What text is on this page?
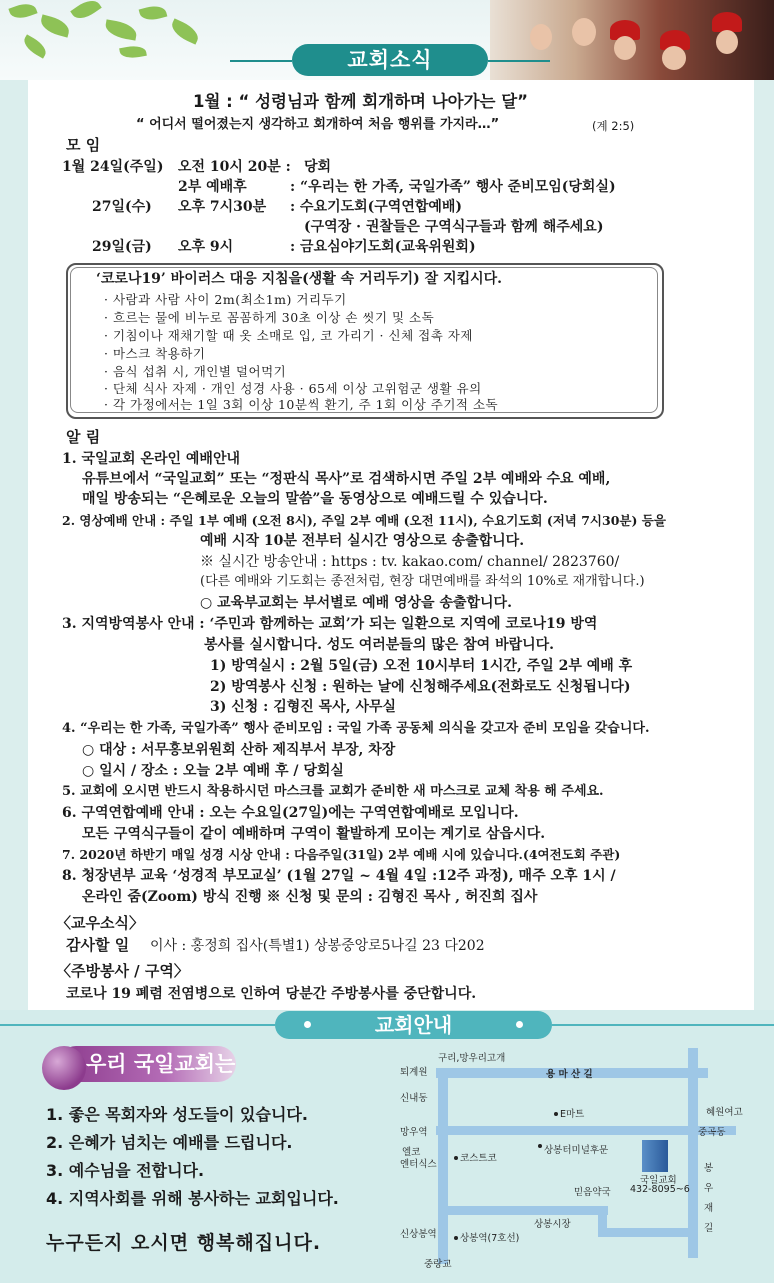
교회소식
1월 : “ 성령님과 함께 회개하며 나아가는 달”
“ 어디서 떨어졌는지 생각하고 회개하여 처음 행위를 가지라…”	(계 2:5)
모 임
1월 24일(주일) 오전 10시 20분 : 당회
2부 예배후	: “우리는 한 가족, 국일가족” 행사 준비모임(당회실)
27일(수) 오후 7시30분 : 수요기도회(구역연합예배)
(구역장 · 권찰들은 구역식구들과 함께 해주세요)
29일(금) 오후 9시	: 금요심야기도회(교육위원회)
‘코로나19’ 바이러스 대응 지침을(생활 속 거리두기) 잘 지킵시다.
· 사람과 사람 사이 2m(최소1m) 거리두기
· 흐르는 물에 비누로 꼼꼼하게 30초 이상 손 씻기 및 소독
· 기침이나 재채기할 때 옷 소매로 입, 코 가리기 · 신체 접촉 자제
· 마스크 착용하기
· 음식 섭취 시, 개인별 덜어먹기
· 단체 식사 자제 · 개인 성경 사용 · 65세 이상 고위험군 생활 유의
· 각 가정에서는 1일 3회 이상 10분씩 환기, 주 1회 이상 주기적 소독
알 림
1. 국일교회 온라인 예배안내
유튜브에서 “국일교회” 또는 “정판식 목사”로 검색하시면 주일 2부 예배와 수요 예배,
매일 방송되는 “은혜로운 오늘의 말씀”을 동영상으로 예배드릴 수 있습니다.
2. 영상예배 안내 : 주일 1부 예배 (오전 8시), 주일 2부 예배 (오전 11시), 수요기도회 (저녁 7시30분) 등을
예배 시작 10분 전부터 실시간 영상으로 송출합니다.
※ 실시간 방송안내 : https : tv. kakao.com/ channel/ 2823760/
(다른 예배와 기도회는 종전처럼, 현장 대면예배를 좌석의 10%로 재개합니다.)
○ 교육부교회는 부서별로 예배 영상을 송출합니다.
3. 지역방역봉사 안내 : ‘주민과 함께하는 교회’가 되는 일환으로 지역에 코로나19 방역
봉사를 실시합니다. 성도 여러분들의 많은 참여 바랍니다.
1) 방역실시 : 2월 5일(금) 오전 10시부터 1시간, 주일 2부 예배 후
2) 방역봉사 신청 : 원하는 날에 신청해주세요(전화로도 신청됩니다)
3) 신청 : 김형진 목사, 사무실
4. “우리는 한 가족, 국일가족” 행사 준비모임 : 국일 가족 공동체 의식을 갖고자 준비 모임을 갖습니다.
○ 대상 : 서무홍보위원회 산하 제직부서 부장, 차장
○ 일시 / 장소 : 오늘 2부 예배 후 / 당회실
5. 교회에 오시면 반드시 착용하시던 마스크를 교회가 준비한 새 마스크로 교체 착용 해 주세요.
6. 구역연합예배 안내 : 오는 수요일(27일)에는 구역연합예배로 모입니다.
모든 구역식구들이 같이 예배하며 구역이 활발하게 모이는 계기로 삼읍시다.
7. 2020년 하반기 매일 성경 시상 안내 : 다음주일(31일) 2부 예배 시에 있습니다.(4여전도회 주관)
8. 청장년부 교육 ‘성경적 부모교실’ (1월 27일 ~ 4월 4일 :12주 과정), 매주 오후 1시 /
온라인 줌(Zoom) 방식 진행 ※ 신청 및 문의 : 김형진 목사 , 허진희 집사
〈교우소식〉
감사할 일 이사 : 홍정희 집사(특별1) 상봉중앙로5나길 23 다202
〈주방봉사 / 구역〉
코로나 19 폐렴 전염병으로 인하여 당분간 주방봉사를 중단합니다.
교회안내
우리 국일교회는
1. 좋은 목회자와 성도들이 있습니다.
2. 은혜가 넘치는 예배를 드립니다.
3. 예수님을 전합니다.
4. 지역사회를 위해 봉사하는 교회입니다.
누구든지 오시면 행복해집니다.
구리,망우리고개
퇴계원	용 마 산 길
신내동
E마트	혜원여고
망우역	중곡동
엘코
엔터식스
코스트코
상봉터미널후문
국일교회
432-8095~6
믿음약국
봉
우
재
길
상봉시장
신상봉역 상봉역(7호선)
중랑교
